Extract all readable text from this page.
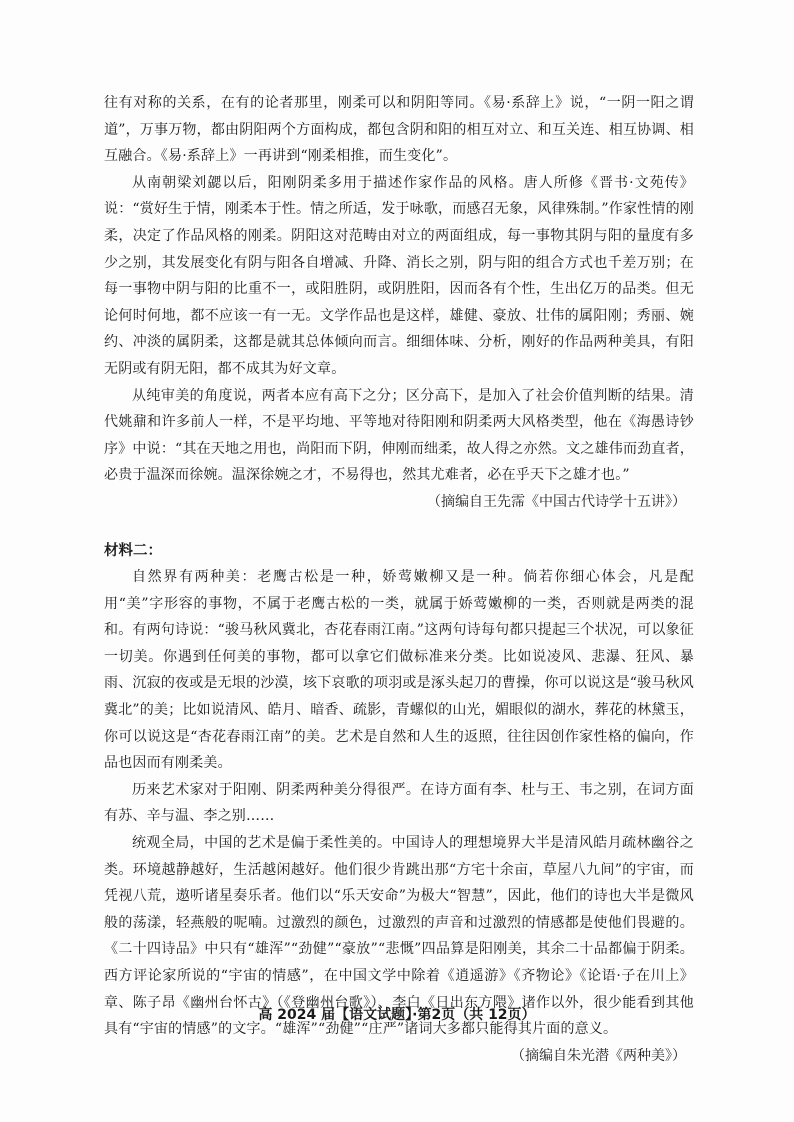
往有对称的关系，在有的论者那里，刚柔可以和阴阳等同。《易·系辞上》说，“一阴一阳之谓道”，万事万物，都由阴阳两个方面构成，都包含阴和阳的相互对立、和互关连、相互协调、相互融合。《易·系辞上》一再讲到“刚柔相推，而生变化”。

从南朝梁刘勰以后，阳刚阴柔多用于描述作家作品的风格。唐人所修《晋书·文苑传》说：“赏好生于情，刚柔本于性。情之所适，发于咏歌，而感召无象，风律殊制。”作家性情的刚柔，决定了作品风格的刚柔。阴阳这对范畴由对立的两面组成，每一事物其阴与阳的量度有多少之别，其发展变化有阴与阳各自增减、升降、消长之别，阴与阳的组合方式也千差万别；在每一事物中阴与阳的比重不一，或阳胜阴，或阴胜阳，因而各有个性，生出亿万的品类。但无论何时何地，都不应该一有一无。文学作品也是这样，雄健、豪放、壮伟的属阳刚；秀丽、婉约、冲淡的属阴柔，这都是就其总体倾向而言。细细体味、分析，刚好的作品两种美具，有阳无阴或有阴无阳，都不成其为好文章。

从纯审美的角度说，两者本应有高下之分；区分高下，是加入了社会价值判断的结果。清代姚鼐和许多前人一样，不是平均地、平等地对待阳刚和阴柔两大风格类型，他在《海愚诗钞序》中说：“其在天地之用也，尚阳而下阴，伸刚而绌柔，故人得之亦然。文之雄伟而劲直者，必贵于温深而徐婉。温深徐婉之才，不易得也，然其尤难者，必在乎天下之雄才也。”

（摘编自王先霈《中国古代诗学十五讲》）

材料二：

自然界有两种美：老鹰古松是一种，娇莺嫩柳又是一种。倘若你细心体会，凡是配用“美”字形容的事物，不属于老鹰古松的一类，就属于娇莺嫩柳的一类，否则就是两类的混和。有两句诗说：“骏马秋风冀北，杏花春雨江南。”这两句诗每句都只提起三个状况，可以象征一切美。你遇到任何美的事物，都可以拿它们做标准来分类。比如说凌风、悲瀑、狂风、暴雨、沉寂的夜或是无垠的沙漠，垓下哀歌的项羽或是涿头起刀的曹操，你可以说这是“骏马秋风冀北”的美；比如说清风、皓月、暗香、疏影，青螺似的山光，媚眼似的湖水，葬花的林黛玉，你可以说这是“杏花春雨江南”的美。艺术是自然和人生的返照，往往因创作家性格的偏向，作品也因而有刚柔美。

历来艺术家对于阳刚、阴柔两种美分得很严。在诗方面有李、杜与王、韦之别，在词方面有苏、辛与温、李之别……

统观全局，中国的艺术是偏于柔性美的。中国诗人的理想境界大半是清风皓月疏林幽谷之类。环境越静越好，生活越闲越好。他们很少肯跳出那“方宅十余亩，草屋八九间”的宇宙，而凭视八荒，遨听诸星奏乐者。他们以“乐天安命”为极大“智慧”，因此，他们的诗也大半是微风般的荡漾，轻燕般的呢喃。过激烈的颜色，过激烈的声音和过激烈的情感都是使他们畏避的。《二十四诗品》中只有“雄浑”“劲健”“豪放”“悲慨”四品算是阳刚美，其余二十品都偏于阴柔。西方评论家所说的“宇宙的情感”，在中国文学中除着《逍遥游》《齐物论》《论语·子在川上》章、陈子昂《幽州台怀古》（《登幽州台歌》）、李白《日出东方隈》诸作以外，很少能看到其他具有“宇宙的情感”的文字。“雄浑”“劲健”“庄严”诸词大多都只能得其片面的意义。

（摘编自朱光潜《两种美》）

高 2024 届【语文试题】·第2页（共 12页）
